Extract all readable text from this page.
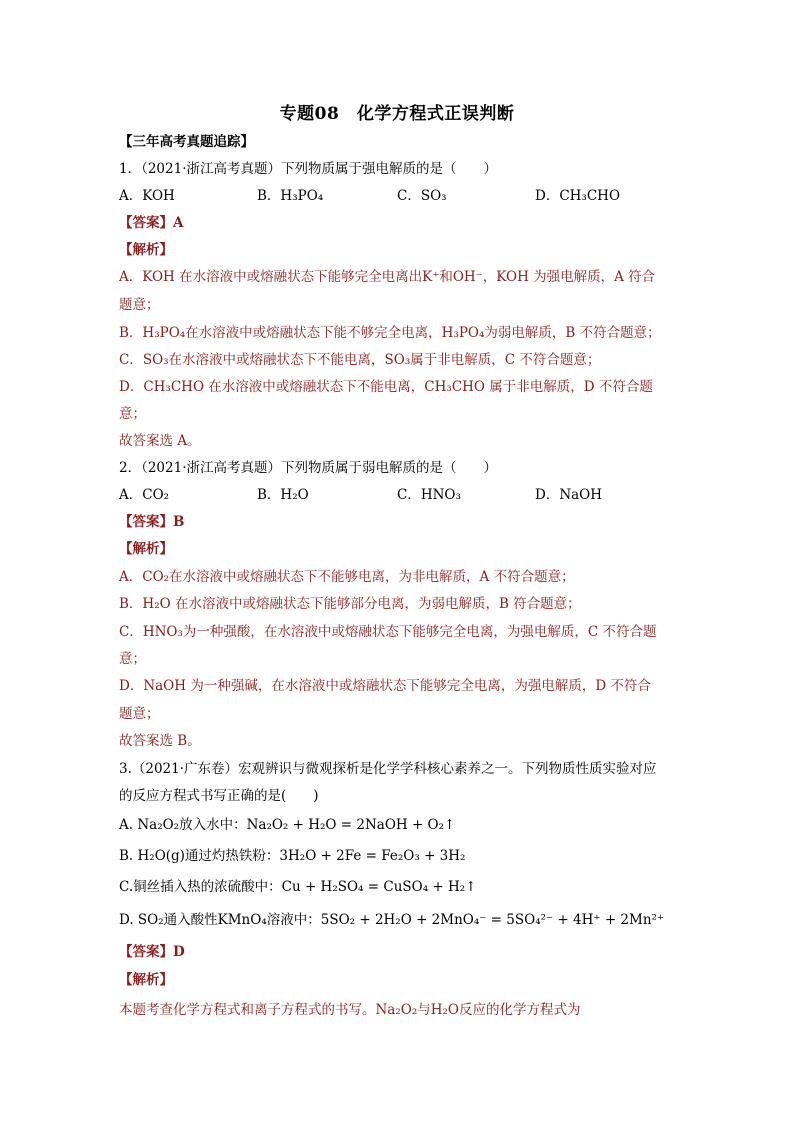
专题08　化学方程式正误判断
【三年高考真题追踪】
1．（2021·浙江高考真题）下列物质属于强电解质的是（　　）
A．KOH	B．H₃PO₄	C．SO₃	D．CH₃CHO
【答案】A
【解析】
A．KOH 在水溶液中或熔融状态下能够完全电离出K⁺和OH⁻，KOH 为强电解质，A 符合
题意；
B．H₃PO₄在水溶液中或熔融状态下能不够完全电离，H₃PO₄为弱电解质，B 不符合题意；
C．SO₃在水溶液中或熔融状态下不能电离，SO₃属于非电解质，C 不符合题意；
D．CH₃CHO 在水溶液中或熔融状态下不能电离，CH₃CHO 属于非电解质，D 不符合题
意；
故答案选 A。
2．（2021·浙江高考真题）下列物质属于弱电解质的是（　　）
A．CO₂	B．H₂O	C．HNO₃	D．NaOH
【答案】B
【解析】
A．CO₂在水溶液中或熔融状态下不能够电离，为非电解质，A 不符合题意；
B．H₂O 在水溶液中或熔融状态下能够部分电离，为弱电解质，B 符合题意；
C．HNO₃为一种强酸，在水溶液中或熔融状态下能够完全电离，为强电解质，C 不符合题
意；
D．NaOH 为一种强碱，在水溶液中或熔融状态下能够完全电离，为强电解质，D 不符合
题意；
故答案选 B。
3.（2021·广东卷）宏观辨识与微观探析是化学学科核心素养之一。下列物质性质实验对应
的反应方程式书写正确的是(　　)
A. Na₂O₂放入水中：Na₂O₂ + H₂O = 2NaOH + O₂↑
B. H₂O(g)通过灼热铁粉：3H₂O + 2Fe = Fe₂O₃ + 3H₂
C.铜丝插入热的浓硫酸中：Cu + H₂SO₄ = CuSO₄ + H₂↑
D. SO₂通入酸性KMnO₄溶液中：5SO₂ + 2H₂O + 2MnO₄⁻ = 5SO₄²⁻ + 4H⁺ + 2Mn²⁺
【答案】D
【解析】
本题考查化学方程式和离子方程式的书写。Na₂O₂与H₂O反应的化学方程式为
